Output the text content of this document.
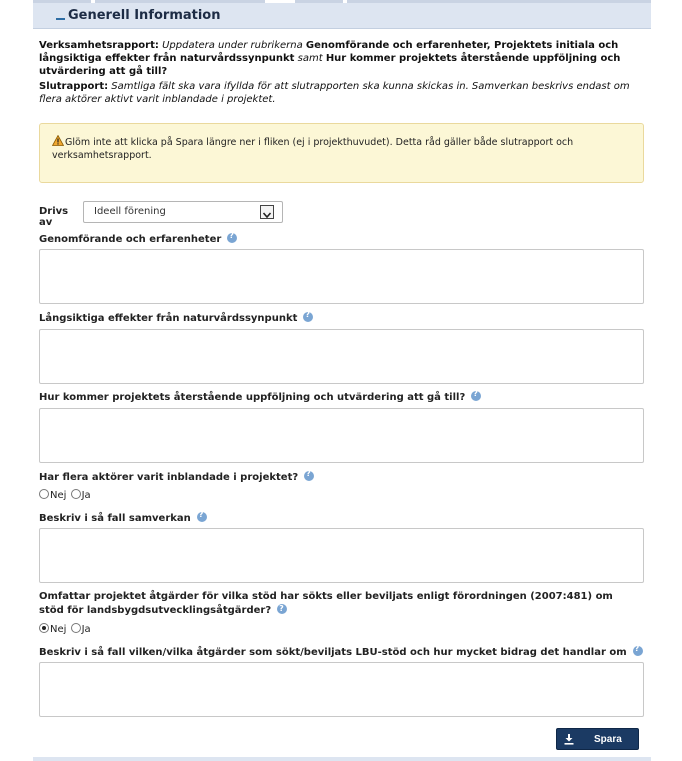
Generell Information
Verksamhetsrapport: Uppdatera under rubrikerna Genomförande och erfarenheter, Projektets initiala och långsiktiga effekter från naturvårdssynpunkt samt Hur kommer projektets återstående uppföljning och utvärdering att gå till?
Slutrapport: Samtliga fält ska vara ifyllda för att slutrapporten ska kunna skickas in. Samverkan beskrivs endast om flera aktörer aktivt varit inblandade i projektet.
Glöm inte att klicka på Spara längre ner i fliken (ej i projekthuvudet). Detta råd gäller både slutrapport och verksamhetsrapport.
Drivs av
Ideell förening
Genomförande och erfarenheter?
Långsiktiga effekter från naturvårdssynpunkt?
Hur kommer projektets återstående uppföljning och utvärdering att gå till??
Har flera aktörer varit inblandade i projektet??
Nej Ja
Beskriv i så fall samverkan?
Omfattar projektet åtgärder för vilka stöd har sökts eller beviljats enligt förordningen (2007:481) om stöd för landsbygdsutvecklingsåtgärder??
Nej Ja
Beskriv i så fall vilken/vilka åtgärder som sökt/beviljats LBU-stöd och hur mycket bidrag det handlar om?
Spara
